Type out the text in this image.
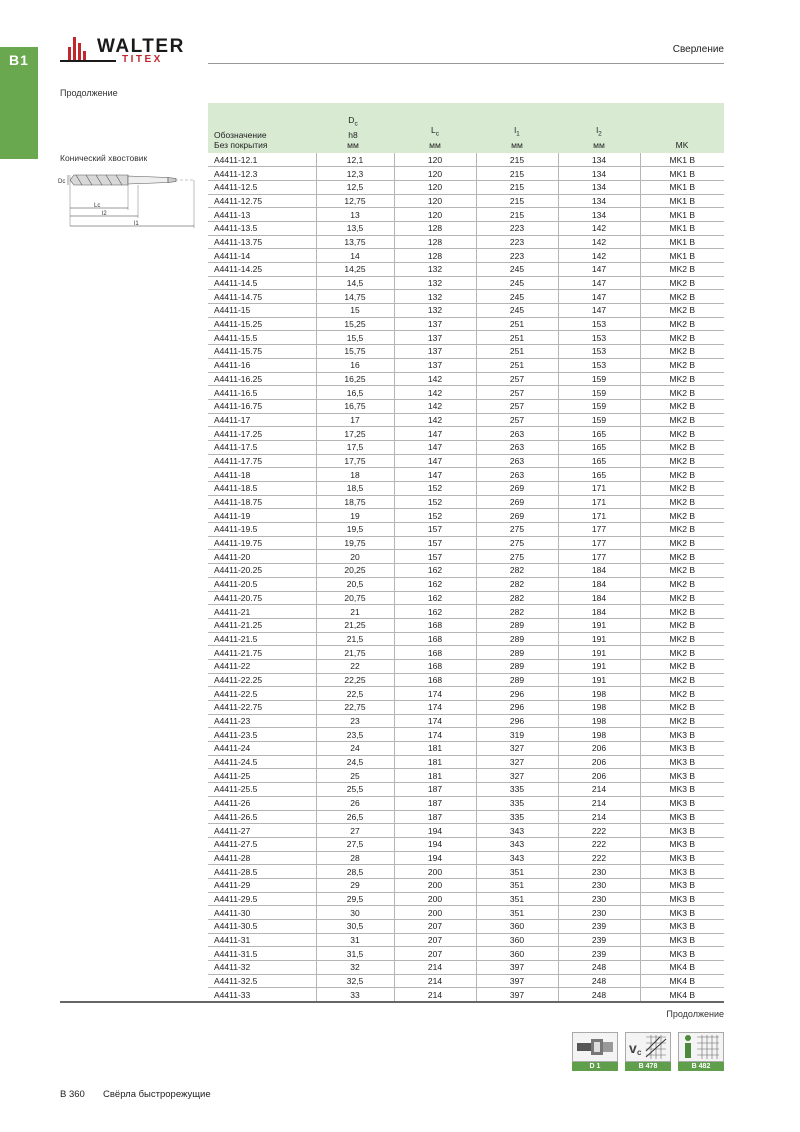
B1
WALTER
TITEX
Сверление
Продолжение
Обозначение
Без покрытия
$D_c$
h8
мм
$L_c$
мм
$l_1$
мм
$l_2$
мм	MK
Конический хвостовик
Dc
Lc
l2
l1
A4411-12.1	12,1	120	215	134	MK1 B
A4411-12.3	12,3	120	215	134	MK1 B
A4411-12.5	12,5	120	215	134	MK1 B
A4411-12.75	12,75	120	215	134	MK1 B
A4411-13	13	120	215	134	MK1 B
A4411-13.5	13,5	128	223	142	MK1 B
A4411-13.75	13,75	128	223	142	MK1 B
A4411-14	14	128	223	142	MK1 B
A4411-14.25	14,25	132	245	147	MK2 B
A4411-14.5	14,5	132	245	147	MK2 B
A4411-14.75	14,75	132	245	147	MK2 B
A4411-15	15	132	245	147	MK2 B
A4411-15.25	15,25	137	251	153	MK2 B
A4411-15.5	15,5	137	251	153	MK2 B
A4411-15.75	15,75	137	251	153	MK2 B
A4411-16	16	137	251	153	MK2 B
A4411-16.25	16,25	142	257	159	MK2 B
A4411-16.5	16,5	142	257	159	MK2 B
A4411-16.75	16,75	142	257	159	MK2 B
A4411-17	17	142	257	159	MK2 B
A4411-17.25	17,25	147	263	165	MK2 B
A4411-17.5	17,5	147	263	165	MK2 B
A4411-17.75	17,75	147	263	165	MK2 B
A4411-18	18	147	263	165	MK2 B
A4411-18.5	18,5	152	269	171	MK2 B
A4411-18.75	18,75	152	269	171	MK2 B
A4411-19	19	152	269	171	MK2 B
A4411-19.5	19,5	157	275	177	MK2 B
A4411-19.75	19,75	157	275	177	MK2 B
A4411-20	20	157	275	177	MK2 B
A4411-20.25	20,25	162	282	184	MK2 B
A4411-20.5	20,5	162	282	184	MK2 B
A4411-20.75	20,75	162	282	184	MK2 B
A4411-21	21	162	282	184	MK2 B
A4411-21.25	21,25	168	289	191	MK2 B
A4411-21.5	21,5	168	289	191	MK2 B
A4411-21.75	21,75	168	289	191	MK2 B
A4411-22	22	168	289	191	MK2 B
A4411-22.25	22,25	168	289	191	MK2 B
A4411-22.5	22,5	174	296	198	MK2 B
A4411-22.75	22,75	174	296	198	MK2 B
A4411-23	23	174	296	198	MK2 B
A4411-23.5	23,5	174	319	198	MK3 B
A4411-24	24	181	327	206	MK3 B
A4411-24.5	24,5	181	327	206	MK3 B
A4411-25	25	181	327	206	MK3 B
A4411-25.5	25,5	187	335	214	MK3 B
A4411-26	26	187	335	214	MK3 B
A4411-26.5	26,5	187	335	214	MK3 B
A4411-27	27	194	343	222	MK3 B
A4411-27.5	27,5	194	343	222	MK3 B
A4411-28	28	194	343	222	MK3 B
A4411-28.5	28,5	200	351	230	MK3 B
A4411-29	29	200	351	230	MK3 B
A4411-29.5	29,5	200	351	230	MK3 B
A4411-30	30	200	351	230	MK3 B
A4411-30.5	30,5	207	360	239	MK3 B
A4411-31	31	207	360	239	MK3 B
A4411-31.5	31,5	207	360	239	MK3 B
A4411-32	32	214	397	248	MK4 B
A4411-32.5	32,5	214	397	248	MK4 B
A4411-33	33	214	397	248	MK4 B
Продолжение
D 1
v c
B 478	B 482
B 360 Свёрла быстрорежущие
